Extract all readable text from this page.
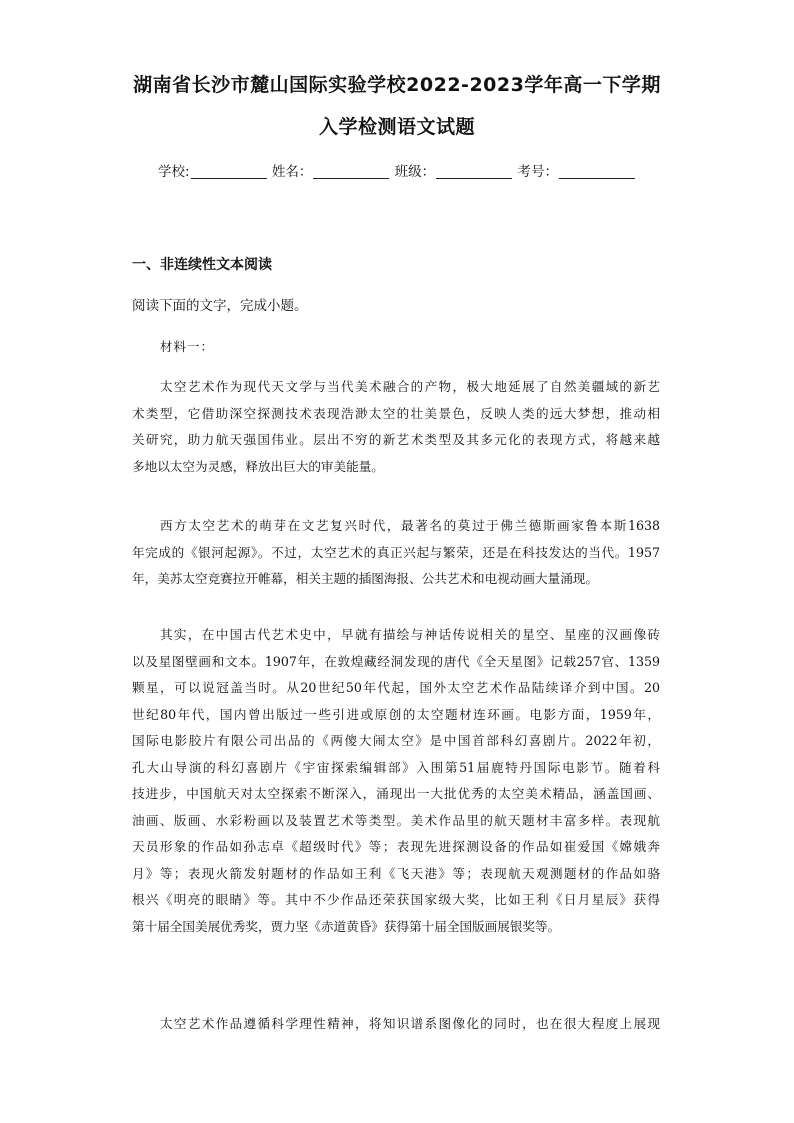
湖南省长沙市麓山国际实验学校2022-2023学年高一下学期
入学检测语文试题
学校:	姓名：	班级：	考号：
一、非连续性文本阅读
阅读下面的文字，完成小题。
材料一：
太空艺术作为现代天文学与当代美术融合的产物，极大地延展了自然美疆域的新艺
术类型，它借助深空探测技术表现浩渺太空的壮美景色，反映人类的远大梦想，推动相
关研究，助力航天强国伟业。层出不穷的新艺术类型及其多元化的表现方式，将越来越
多地以太空为灵感，释放出巨大的审美能量。
西方太空艺术的萌芽在文艺复兴时代，最著名的莫过于佛兰德斯画家鲁本斯1638
年完成的《银河起源》。不过，太空艺术的真正兴起与繁荣，还是在科技发达的当代。1957
年，美苏太空竞赛拉开帷幕，相关主题的插图海报、公共艺术和电视动画大量涌现。
其实，在中国古代艺术史中，早就有描绘与神话传说相关的星空、星座的汉画像砖
以及星图壁画和文本。1907年，在敦煌藏经洞发现的唐代《全天星图》记载257官、1359
颗星，可以说冠盖当时。从20世纪50年代起，国外太空艺术作品陆续译介到中国。20
世纪80年代，国内曾出版过一些引进或原创的太空题材连环画。电影方面，1959年，
国际电影胶片有限公司出品的《两傻大闹太空》是中国首部科幻喜剧片。2022年初，
孔大山导演的科幻喜剧片《宇宙探索编辑部》入围第51届鹿特丹国际电影节。随着科
技进步，中国航天对太空探索不断深入，涌现出一大批优秀的太空美术精品，涵盖国画、
油画、版画、水彩粉画以及装置艺术等类型。美术作品里的航天题材丰富多样。表现航
天员形象的作品如孙志卓《超级时代》等；表现先进探测设备的作品如崔爱国《嫦娥奔
月》等；表现火箭发射题材的作品如王利《飞天港》等；表现航天观测题材的作品如骆
根兴《明亮的眼睛》等。其中不少作品还荣获国家级大奖，比如王利《日月星辰》获得
第十届全国美展优秀奖，贾力坚《赤道黄昏》获得第十届全国版画展银奖等。
太空艺术作品遵循科学理性精神，将知识谱系图像化的同时，也在很大程度上展现
